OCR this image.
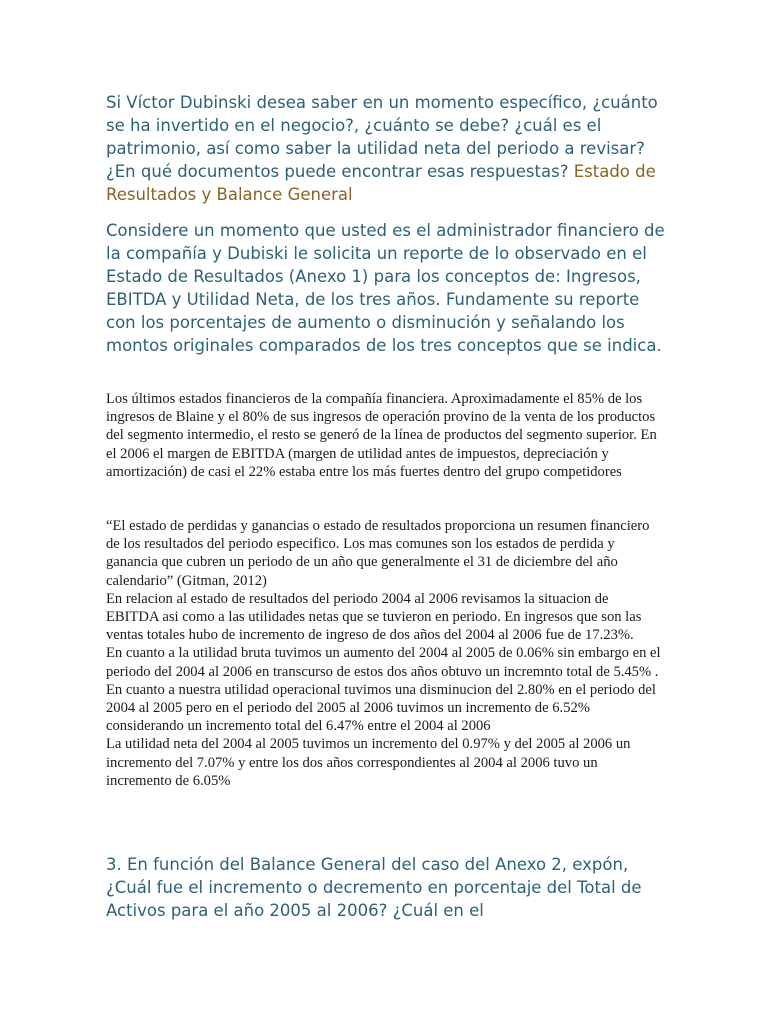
Si Víctor Dubinski desea saber en un momento específico, ¿cuánto se ha invertido en el negocio?, ¿cuánto se debe? ¿cuál es el patrimonio, así como saber la utilidad neta del periodo a revisar? ¿En qué documentos puede encontrar esas respuestas? Estado de Resultados y Balance General

Considere un momento que usted es el administrador financiero de la compañía y Dubiski le solicita un reporte de lo observado en el Estado de Resultados (Anexo 1) para los conceptos de: Ingresos, EBITDA y Utilidad Neta, de los tres años. Fundamente su reporte con los porcentajes de aumento o disminución y señalando los montos originales comparados de los tres conceptos que se indica.

Los últimos estados financieros de la compañía financiera. Aproximadamente el 85% de los ingresos de Blaine y el 80% de sus ingresos de operación provino de la venta de los productos del segmento intermedio, el resto se generó de la línea de productos del segmento superior. En el 2006 el margen de EBITDA (margen de utilidad antes de impuestos, depreciación y amortización) de casi el 22% estaba entre los más fuertes dentro del grupo competidores

“El estado de perdidas y ganancias o estado de resultados proporciona un resumen financiero de los resultados del periodo especifico. Los mas comunes son los estados de perdida y ganancia que cubren un periodo de un año que generalmente el 31 de diciembre del año calendario” (Gitman, 2012)

En relacion al estado de resultados del periodo 2004 al 2006 revisamos la situacion de EBITDA asi como a las utilidades netas que se tuvieron en periodo. En ingresos que son las ventas totales hubo de incremento de ingreso de dos años del 2004 al 2006 fue de 17.23%.

En cuanto a la utilidad bruta tuvimos un aumento del 2004 al 2005 de 0.06% sin embargo en el periodo del 2004 al 2006 en transcurso de estos dos años obtuvo un incremnto total de 5.45% .

En cuanto a nuestra utilidad operacional tuvimos una disminucion del 2.80% en el periodo del 2004 al 2005 pero en el periodo del 2005 al 2006 tuvimos un incremento de 6.52% considerando un incremento total del 6.47% entre el 2004 al 2006

La utilidad neta del 2004 al 2005 tuvimos un incremento del 0.97% y del 2005 al 2006 un incremento del 7.07% y entre los dos años correspondientes al 2004 al 2006 tuvo un incremento de 6.05%

3. En función del Balance General del caso del Anexo 2, expón, ¿Cuál fue el incremento o decremento en porcentaje del Total de Activos para el año 2005 al 2006? ¿Cuál en el
